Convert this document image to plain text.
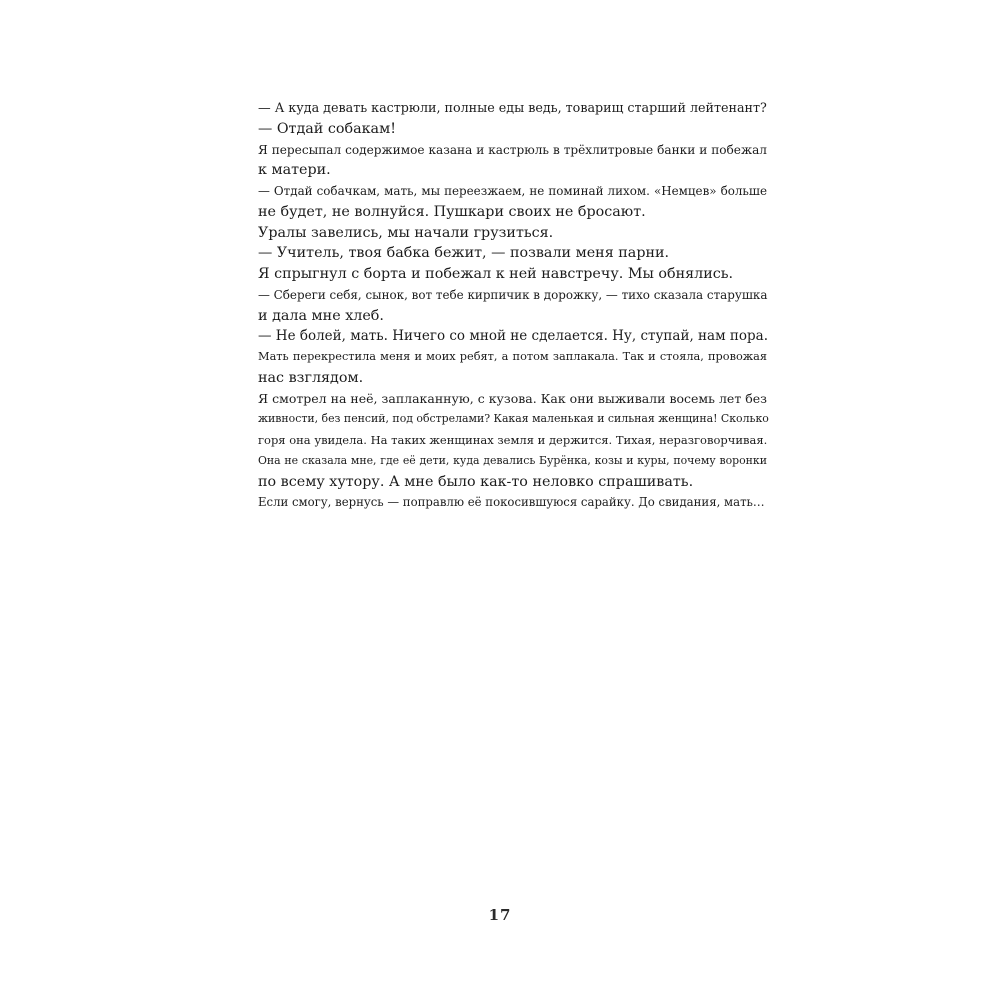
— А куда девать кастрюли, полные еды ведь, товарищ старший лейтенант?

— Отдай собакам!

Я пересыпал содержимое казана и кастрюль в трёхлитровые банки и побежал
к матери.

— Отдай собачкам, мать, мы переезжаем, не поминай лихом. «Немцев» больше
не будет, не волнуйся. Пушкари своих не бросают.

Уралы завелись, мы начали грузиться.

— Учитель, твоя бабка бежит, — позвали меня парни.

Я спрыгнул с борта и побежал к ней навстречу. Мы обнялись.

— Сбереги себя, сынок, вот тебе кирпичик в дорожку, — тихо сказала старушка
и дала мне хлеб.

— Не болей, мать. Ничего со мной не сделается. Ну, ступай, нам пора.

Мать перекрестила меня и моих ребят, а потом заплакала. Так и стояла, провожая
нас взглядом.

Я смотрел на неё, заплаканную, с кузова. Как они выживали восемь лет без
живности, без пенсий, под обстрелами? Какая маленькая и сильная женщина! Сколько
горя она увидела. На таких женщинах земля и держится. Тихая, неразговорчивая.
Она не сказала мне, где её дети, куда девались Бурёнка, козы и куры, почему воронки
по всему хутору. А мне было как-то неловко спрашивать.

Если смогу, вернусь — поправлю её покосившуюся сарайку. До свидания, мать…

17
